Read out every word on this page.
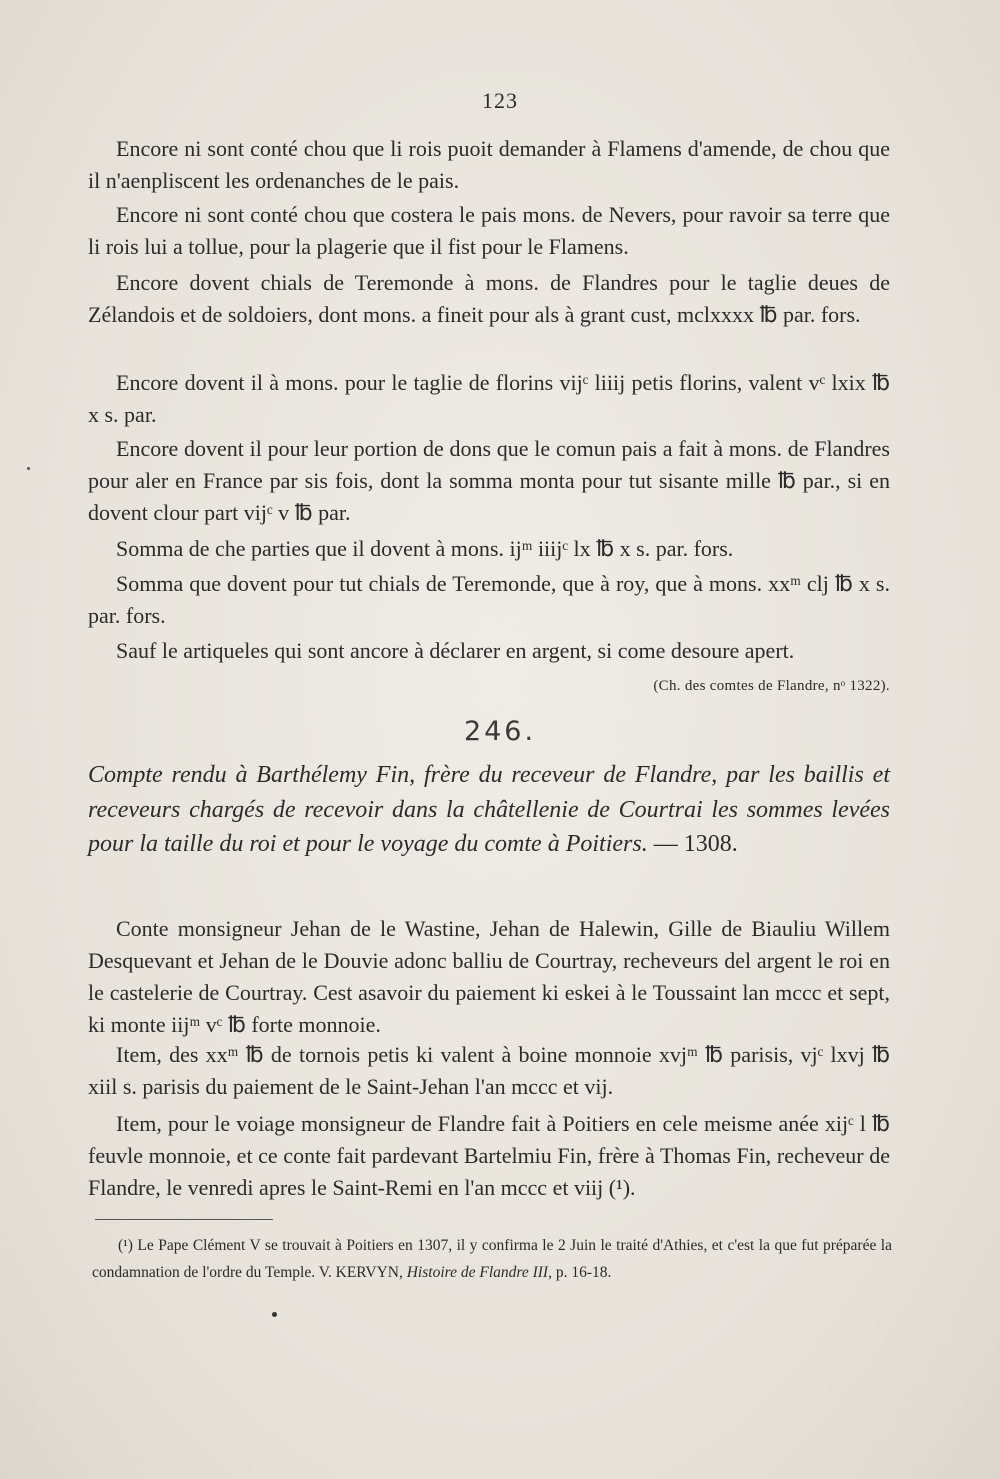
123

Encore ni sont conté chou que li rois puoit demander à Flamens d'amende, de chou que il n'aenpliscent les ordenanches de le pais.

Encore ni sont conté chou que costera le pais mons. de Nevers, pour ravoir sa terre que li rois lui a tollue, pour la plagerie que il fist pour le Flamens.

Encore dovent chials de Teremonde à mons. de Flandres pour le taglie deues de Zélandois et de soldoiers, dont mons. a fineit pour als à grant cust, mclxxxx ℔ par. fors.

Encore dovent il à mons. pour le taglie de florins vijᶜ liiij petis florins, valent vᶜ lxix ℔ x s. par.

Encore dovent il pour leur portion de dons que le comun pais a fait à mons. de Flandres pour aler en France par sis fois, dont la somma monta pour tut sisante mille ℔ par., si en dovent clour part vijᶜ v ℔ par.

Somma de che parties que il dovent à mons. ijᵐ iiijᶜ lx ℔ x s. par. fors.

Somma que dovent pour tut chials de Teremonde, que à roy, que à mons. xxᵐ clj ℔ x s. par. fors.

Sauf le artiqueles qui sont ancore à déclarer en argent, si come desoure apert.

(Ch. des comtes de Flandre, nᵒ 1322).
246.
Compte rendu à Barthélemy Fin, frère du receveur de Flandre, par les baillis et receveurs chargés de recevoir dans la châtellenie de Courtrai les sommes levées pour la taille du roi et pour le voyage du comte à Poitiers. — 1308.

Conte monsigneur Jehan de le Wastine, Jehan de Halewin, Gille de Biauliu Willem Desquevant et Jehan de le Douvie adonc balliu de Courtray, recheveurs del argent le roi en le castelerie de Courtray. Cest asavoir du paiement ki eskei à le Toussaint lan mccc et sept, ki monte iijᵐ vᶜ ℔ forte monnoie.

Item, des xxᵐ ℔ de tornois petis ki valent à boine monnoie xvjᵐ ℔ parisis, vjᶜ lxvj ℔ xiil s. parisis du paiement de le Saint-Jehan l'an mccc et vij.

Item, pour le voiage monsigneur de Flandre fait à Poitiers en cele meisme anée xijᶜ l ℔ feuvle monnoie, et ce conte fait pardevant Bartelmiu Fin, frère à Thomas Fin, recheveur de Flandre, le venredi apres le Saint-Remi en l'an mccc et viij (¹).

(¹) Le Pape Clément V se trouvait à Poitiers en 1307, il y confirma le 2 Juin le traité d'Athies, et c'est la que fut préparée la condamnation de l'ordre du Temple. V. KERVYN, Histoire de Flandre III, p. 16-18.
